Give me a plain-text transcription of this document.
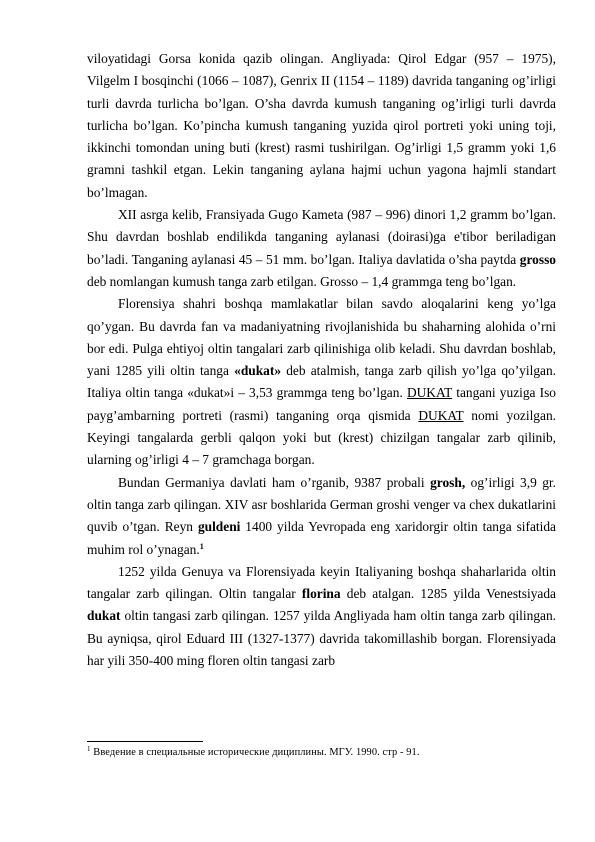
viloyatidagi Gorsa konida qazib olingan. Angliyada: Qirol Edgar (957 – 1975), Vilgelm I bosqinchi (1066 – 1087), Genrix II (1154 – 1189) davrida tanganing og’irligi turli davrda turlicha bo’lgan. O’sha davrda kumush tanganing og’irligi turli davrda turlicha bo’lgan. Ko’pincha kumush tanganing yuzida qirol portreti yoki uning toji, ikkinchi tomondan uning buti (krest) rasmi tushirilgan. Og’irligi 1,5 gramm yoki 1,6 gramni tashkil etgan. Lekin tanganing aylana hajmi uchun yagona hajmli standart bo’lmagan.

XII asrga kelib, Fransiyada Gugo Kameta (987 – 996) dinori 1,2 gramm bo’lgan. Shu davrdan boshlab endilikda tanganing aylanasi (doirasi)ga e'tibor beriladigan bo’ladi. Tanganing aylanasi 45 – 51 mm. bo’lgan. Italiya davlatida o’sha paytda grosso deb nomlangan kumush tanga zarb etilgan. Grosso – 1,4 grammga teng bo’lgan.

Florensiya shahri boshqa mamlakatlar bilan savdo aloqalarini keng yo’lga qo’ygan. Bu davrda fan va madaniyatning rivojlanishida bu shaharning alohida o’rni bor edi. Pulga ehtiyoj oltin tangalari zarb qilinishiga olib keladi. Shu davrdan boshlab, yani 1285 yili oltin tanga «dukat» deb atalmish, tanga zarb qilish yo’lga qo’yilgan. Italiya oltin tanga «dukat»i – 3,53 grammga teng bo’lgan. DUKAT tangani yuziga Iso payg’ambarning portreti (rasmi) tanganing orqa qismida DUKAT nomi yozilgan. Keyingi tangalarda gerbli qalqon yoki but (krest) chizilgan tangalar zarb qilinib, ularning og’irligi 4 – 7 gramchaga borgan.

Bundan Germaniya davlati ham o’rganib, 9387 probali grosh, og’irligi 3,9 gr. oltin tanga zarb qilingan. XIV asr boshlarida German groshi venger va chex dukatlarini quvib o’tgan. Reyn guldeni 1400 yilda Yevropada eng xaridorgir oltin tanga sifatida muhim rol o’ynagan.$^1$

1252 yilda Genuya va Florensiyada keyin Italiyaning boshqa shaharlarida oltin tangalar zarb qilingan. Oltin tangalar florina deb atalgan. 1285 yilda Venestsiyada dukat oltin tangasi zarb qilingan. 1257 yilda Angliyada ham oltin tanga zarb qilingan. Bu ayniqsa, qirol Eduard III (1327-1377) davrida takomillashib borgan. Florensiyada har yili 350-400 ming floren oltin tangasi zarb

$^1$ Введение в специальные исторические дициплины. МГУ. 1990. стр - 91.
